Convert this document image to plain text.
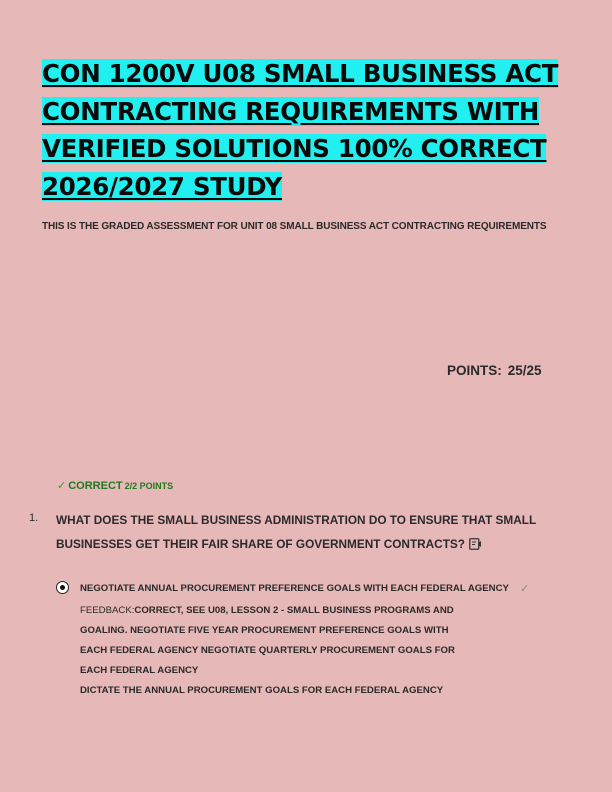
CON 1200V U08 SMALL BUSINESS ACT CONTRACTING REQUIREMENTS WITH VERIFIED SOLUTIONS 100% CORRECT 2026/2027 STUDY

THIS IS THE GRADED ASSESSMENT FOR UNIT 08 SMALL BUSINESS ACT CONTRACTING REQUIREMENTS

POINTS: 25/25
✓ CORRECT 2/2 POINTS
1. WHAT DOES THE SMALL BUSINESS ADMINISTRATION DO TO ENSURE THAT SMALL BUSINESSES GET THEIR FAIR SHARE OF GOVERNMENT CONTRACTS?

NEGOTIATE ANNUAL PROCUREMENT PREFERENCE GOALS WITH EACH FEDERAL AGENCY ✓
FEEDBACK:CORRECT, SEE U08, LESSON 2 - SMALL BUSINESS PROGRAMS AND
GOALING. NEGOTIATE FIVE YEAR PROCUREMENT PREFERENCE GOALS WITH
EACH FEDERAL AGENCY NEGOTIATE QUARTERLY PROCUREMENT GOALS FOR
EACH FEDERAL AGENCY
DICTATE THE ANNUAL PROCUREMENT GOALS FOR EACH FEDERAL AGENCY
